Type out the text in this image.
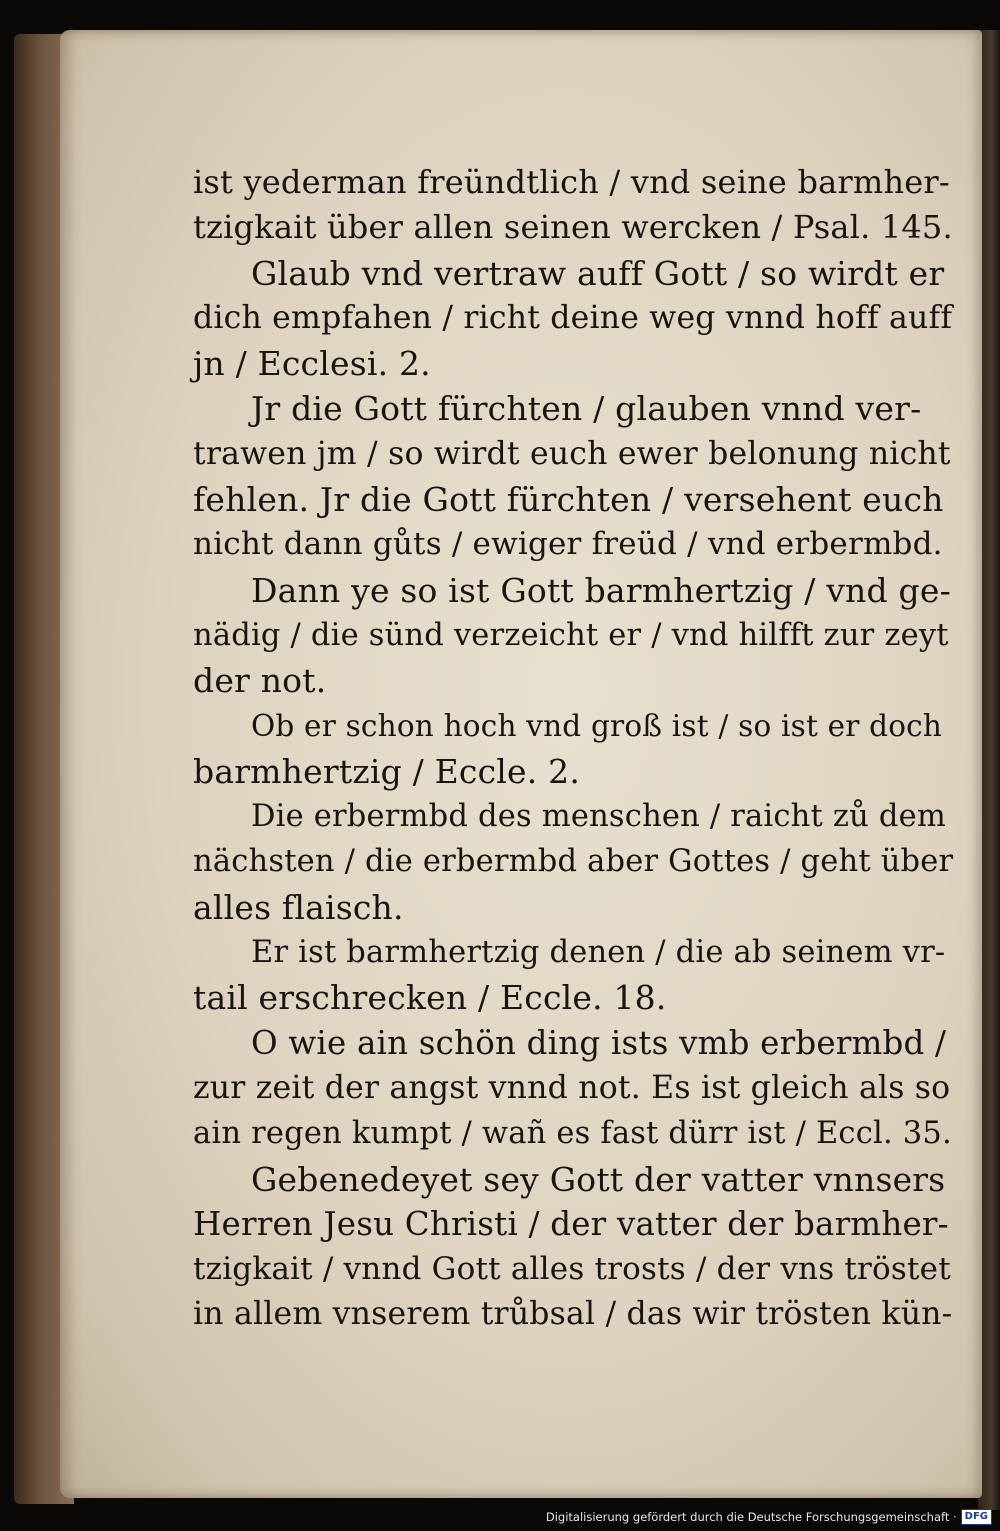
ist yederman freündtlich / vnd seine barmher-
tzigkait über allen seinen wercken / Psal. 145.
Glaub vnd vertraw auff Gott / so wirdt er
dich empfahen / richt deine weg vnnd hoff auff
jn / Ecclesi. 2.
Jr die Gott fürchten / glauben vnnd ver-
trawen jm / so wirdt euch ewer belonung nicht
fehlen. Jr die Gott fürchten / versehent euch
nicht dann gůts / ewiger freüd / vnd erbermbd.
Dann ye so ist Gott barmhertzig / vnd ge-
nädig / die sünd verzeicht er / vnd hilfft zur zeyt
der not.
Ob er schon hoch vnd groß ist / so ist er doch
barmhertzig / Eccle. 2.
Die erbermbd des menschen / raicht zů dem
nächsten / die erbermbd aber Gottes / geht über
alles flaisch.
Er ist barmhertzig denen / die ab seinem vr-
tail erschrecken / Eccle. 18.
O wie ain schön ding ists vmb erbermbd /
zur zeit der angst vnnd not. Es ist gleich als so
ain regen kumpt / wañ es fast dürr ist / Eccl. 35.
Gebenedeyet sey Gott der vatter vnnsers
Herren Jesu Christi / der vatter der barmher-
tzigkait / vnnd Gott alles trosts / der vns tröstet
in allem vnserem trůbsal / das wir trösten kün-
Digitalisierung gefördert durch die Deutsche Forschungsgemeinschaft · DFG
